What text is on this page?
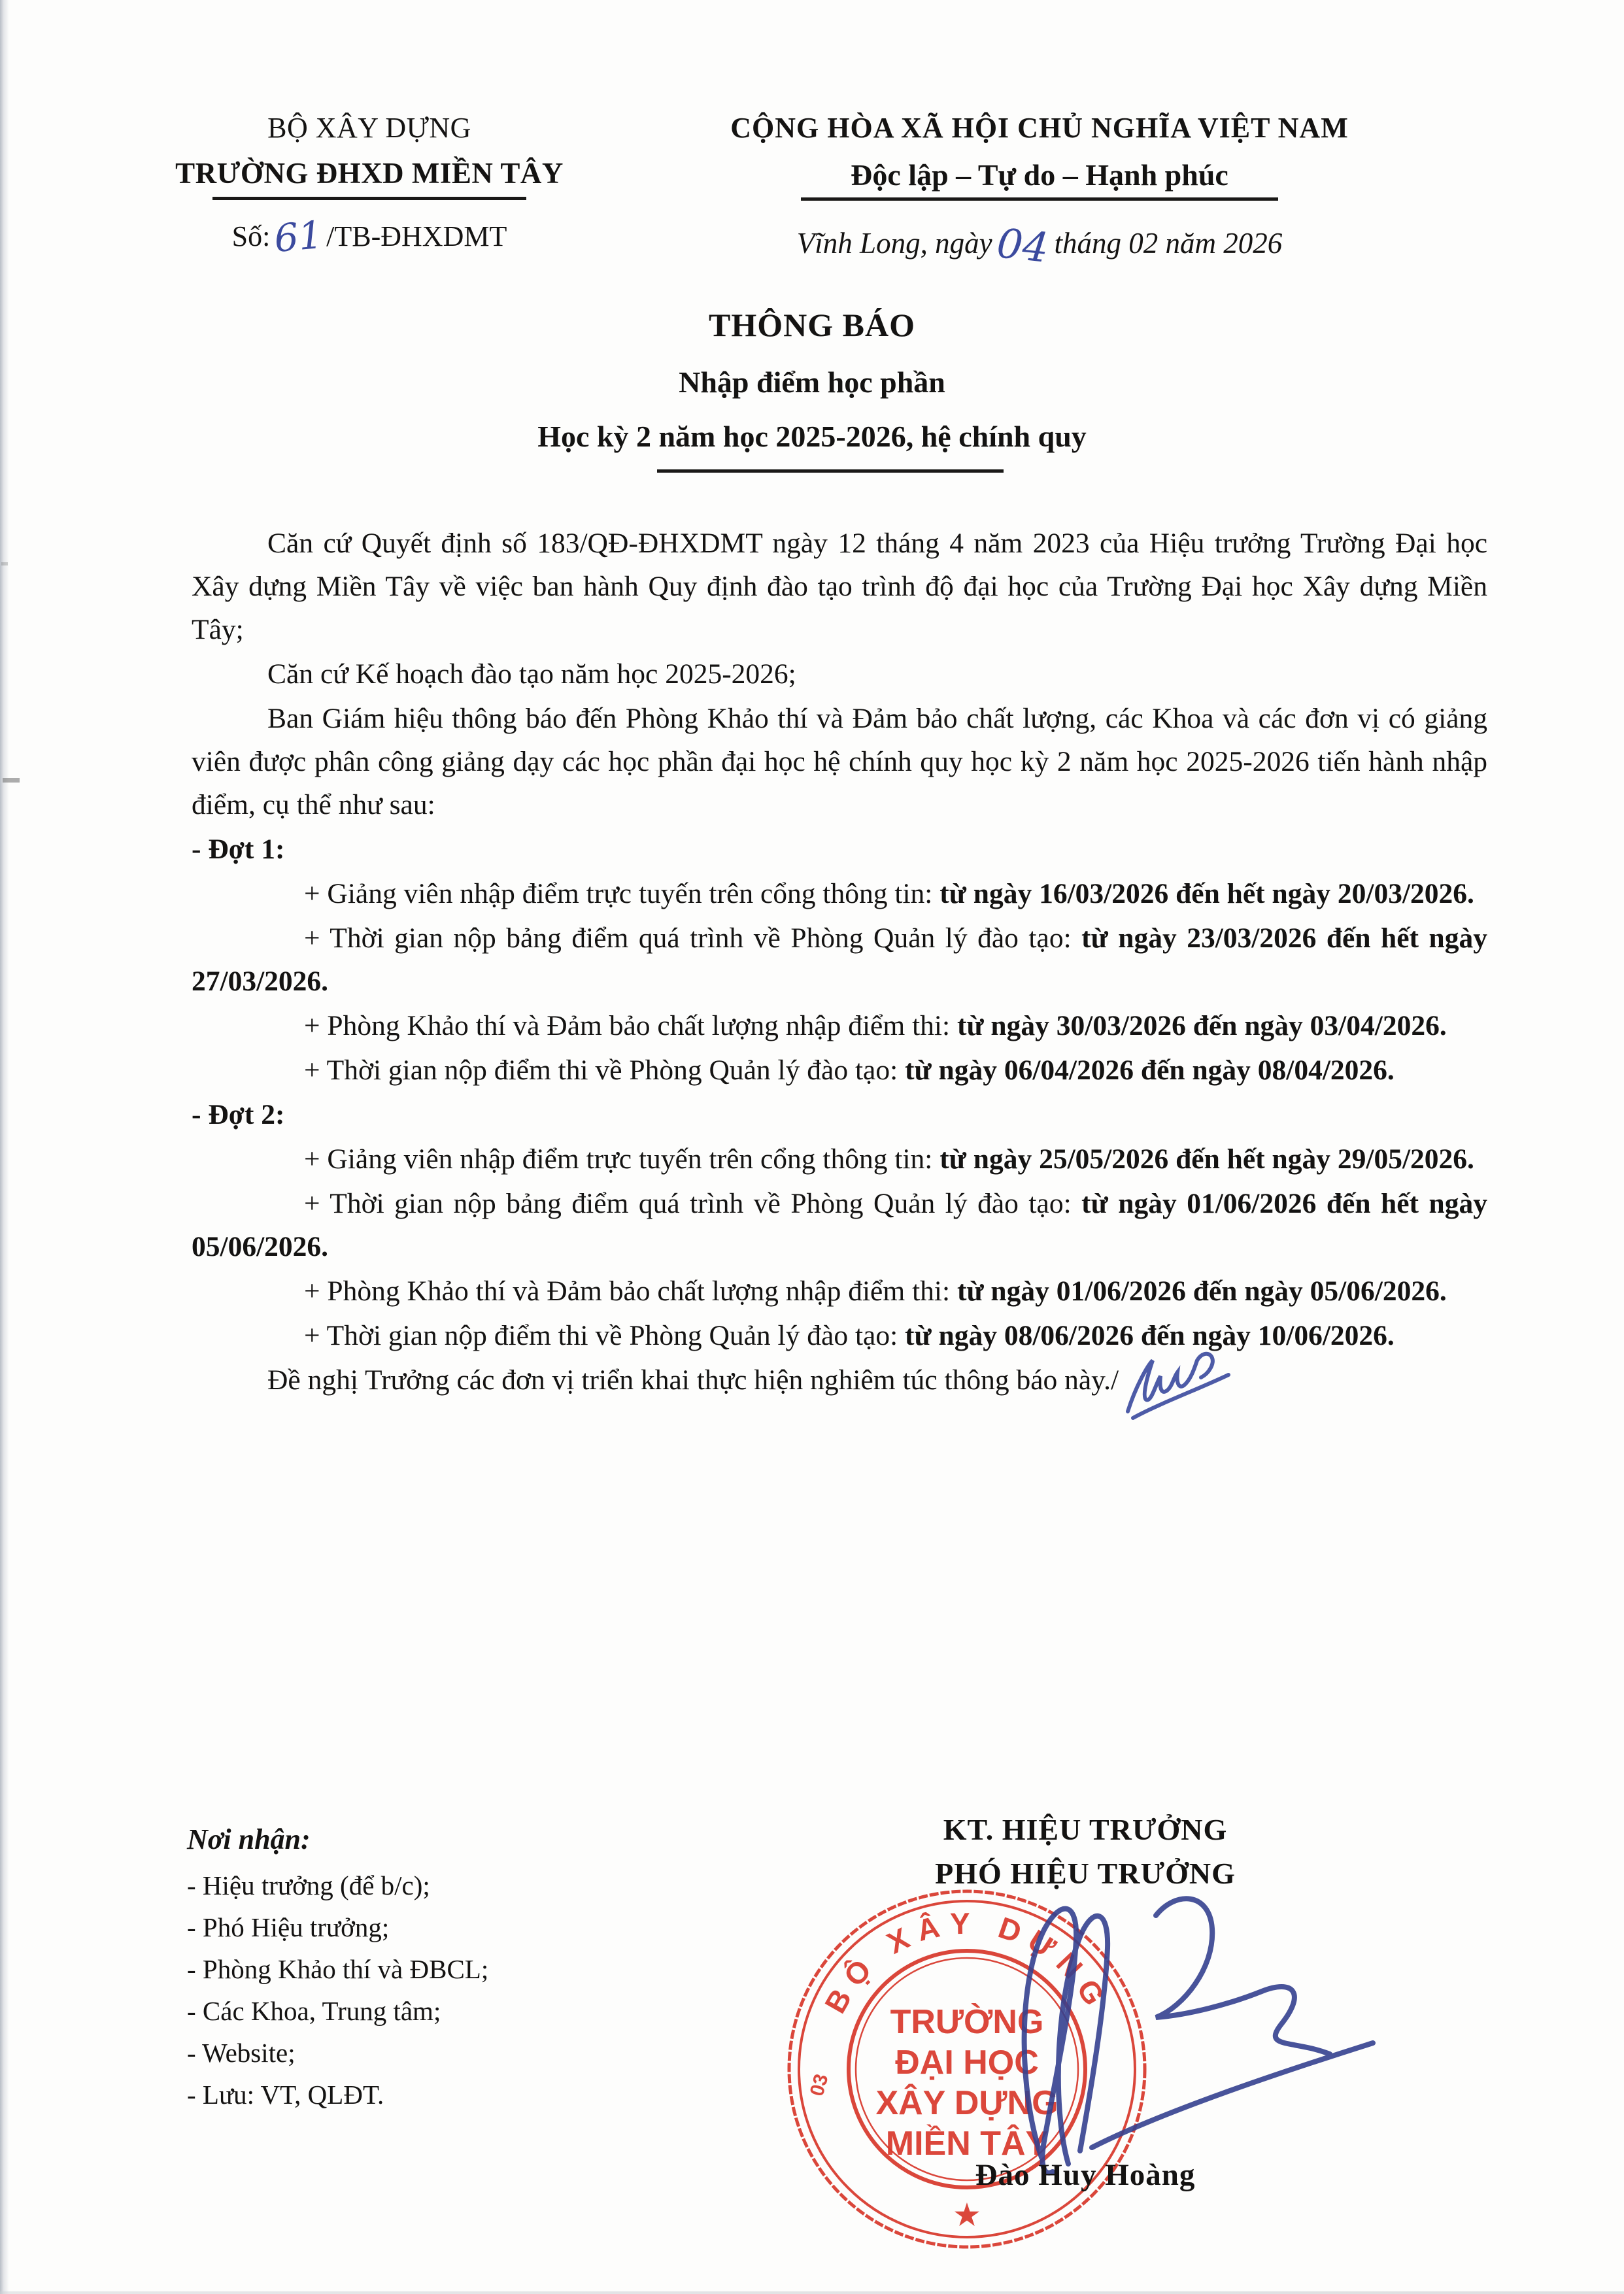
BỘ XÂY DỰNG
TRƯỜNG ĐHXD MIỀN TÂY
Số:61/TB-ĐHXDMT
CỘNG HÒA XÃ HỘI CHỦ NGHĨA VIỆT NAM
Độc lập – Tự do – Hạnh phúc
Vĩnh Long, ngày04 tháng 02 năm 2026
THÔNG BÁO
Nhập điểm học phần
Học kỳ 2 năm học 2025-2026, hệ chính quy

Căn cứ Quyết định số 183/QĐ-ĐHXDMT ngày 12 tháng 4 năm 2023 của Hiệu trưởng Trường Đại học Xây dựng Miền Tây về việc ban hành Quy định đào tạo trình độ đại học của Trường Đại học Xây dựng Miền Tây;

Căn cứ Kế hoạch đào tạo năm học 2025-2026;

Ban Giám hiệu thông báo đến Phòng Khảo thí và Đảm bảo chất lượng, các Khoa và các đơn vị có giảng viên được phân công giảng dạy các học phần đại học hệ chính quy học kỳ 2 năm học 2025-2026 tiến hành nhập điểm, cụ thể như sau:

- Đợt 1:

+ Giảng viên nhập điểm trực tuyến trên cổng thông tin: từ ngày 16/03/2026 đến hết ngày 20/03/2026.

+ Thời gian nộp bảng điểm quá trình về Phòng Quản lý đào tạo: từ ngày 23/03/2026 đến hết ngày 27/03/2026.

+ Phòng Khảo thí và Đảm bảo chất lượng nhập điểm thi: từ ngày 30/03/2026 đến ngày 03/04/2026.

+ Thời gian nộp điểm thi về Phòng Quản lý đào tạo: từ ngày 06/04/2026 đến ngày 08/04/2026.

- Đợt 2:

+ Giảng viên nhập điểm trực tuyến trên cổng thông tin: từ ngày 25/05/2026 đến hết ngày 29/05/2026.

+ Thời gian nộp bảng điểm quá trình về Phòng Quản lý đào tạo: từ ngày 01/06/2026 đến hết ngày 05/06/2026.

+ Phòng Khảo thí và Đảm bảo chất lượng nhập điểm thi: từ ngày 01/06/2026 đến ngày 05/06/2026.

+ Thời gian nộp điểm thi về Phòng Quản lý đào tạo: từ ngày 08/06/2026 đến ngày 10/06/2026.

Đề nghị Trưởng các đơn vị triển khai thực hiện nghiêm túc thông báo này./

Nơi nhận:
- Hiệu trưởng (để b/c);
- Phó Hiệu trưởng;
- Phòng Khảo thí và ĐBCL;
- Các Khoa, Trung tâm;
- Website;
- Lưu: VT, QLĐT.
KT. HIỆU TRƯỞNG
PHÓ HIỆU TRƯỞNG
BỘ XÂY DỰNG
03
TRƯỜNG
ĐẠI HỌC
XÂY DỰNG
MIỀN TÂY
★
Đào Huy Hoàng
